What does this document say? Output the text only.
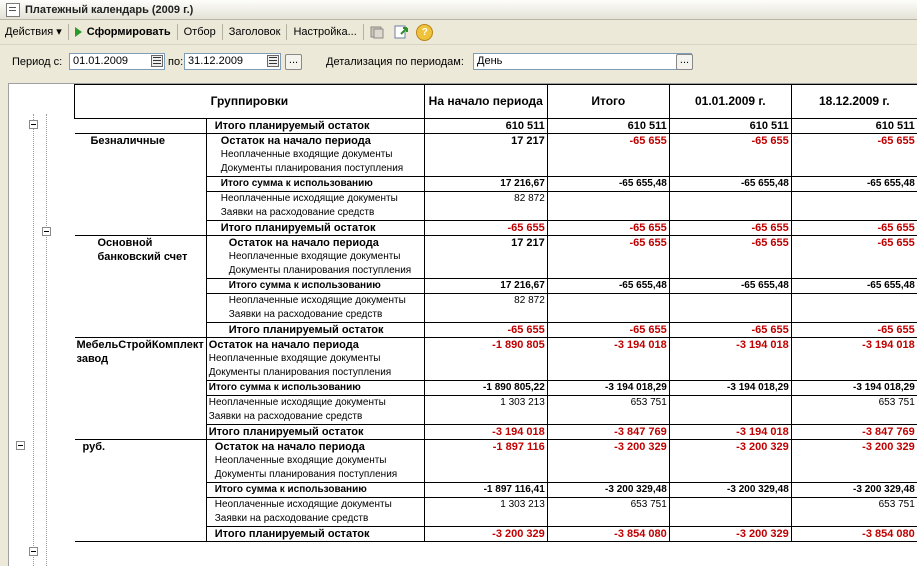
Платежный календарь (2009 г.)
Действия ▾	Сформировать	Отбор	Заголовок	Настройка...	?
Период с: 01.01.2009	по: 31.12.2009	...	Детализация по периодам:	День	...
Группировки		На начало периода	Итого	01.01.2009 г.	18.12.2009 г.
	Итого планируемый остаток	610 511	610 511	610 511	610 511
Безналичные	Остаток на начало периода	17 217	-65 655	-65 655	-65 655
	Неоплаченные входящие документы				
	Документы планирования поступления				
	Итого сумма к использованию	17 216,67	-65 655,48	-65 655,48	-65 655,48
	Неоплаченные исходящие документы	82 872			
	Заявки на расходование средств				
	Итого планируемый остаток	-65 655	-65 655	-65 655	-65 655
Основной банковский счет	Остаток на начало периода	17 217	-65 655	-65 655	-65 655
	Неоплаченные входящие документы				
	Документы планирования поступления				
	Итого сумма к использованию	17 216,67	-65 655,48	-65 655,48	-65 655,48
	Неоплаченные исходящие документы	82 872			
	Заявки на расходование средств				
	Итого планируемый остаток	-65 655	-65 655	-65 655	-65 655
МебельСтройКомплект завод	Остаток на начало периода	-1 890 805	-3 194 018	-3 194 018	-3 194 018
	Неоплаченные входящие документы				
	Документы планирования поступления				
	Итого сумма к использованию	-1 890 805,22	-3 194 018,29	-3 194 018,29	-3 194 018,29
	Неоплаченные исходящие документы	1 303 213	653 751		653 751
	Заявки на расходование средств				
	Итого планируемый остаток	-3 194 018	-3 847 769	-3 194 018	-3 847 769
руб.	Остаток на начало периода	-1 897 116	-3 200 329	-3 200 329	-3 200 329
	Неоплаченные входящие документы				
	Документы планирования поступления				
	Итого сумма к использованию	-1 897 116,41	-3 200 329,48	-3 200 329,48	-3 200 329,48
	Неоплаченные исходящие документы	1 303 213	653 751		653 751
	Заявки на расходование средств				
	Итого планируемый остаток	-3 200 329	-3 854 080	-3 200 329	-3 854 080
